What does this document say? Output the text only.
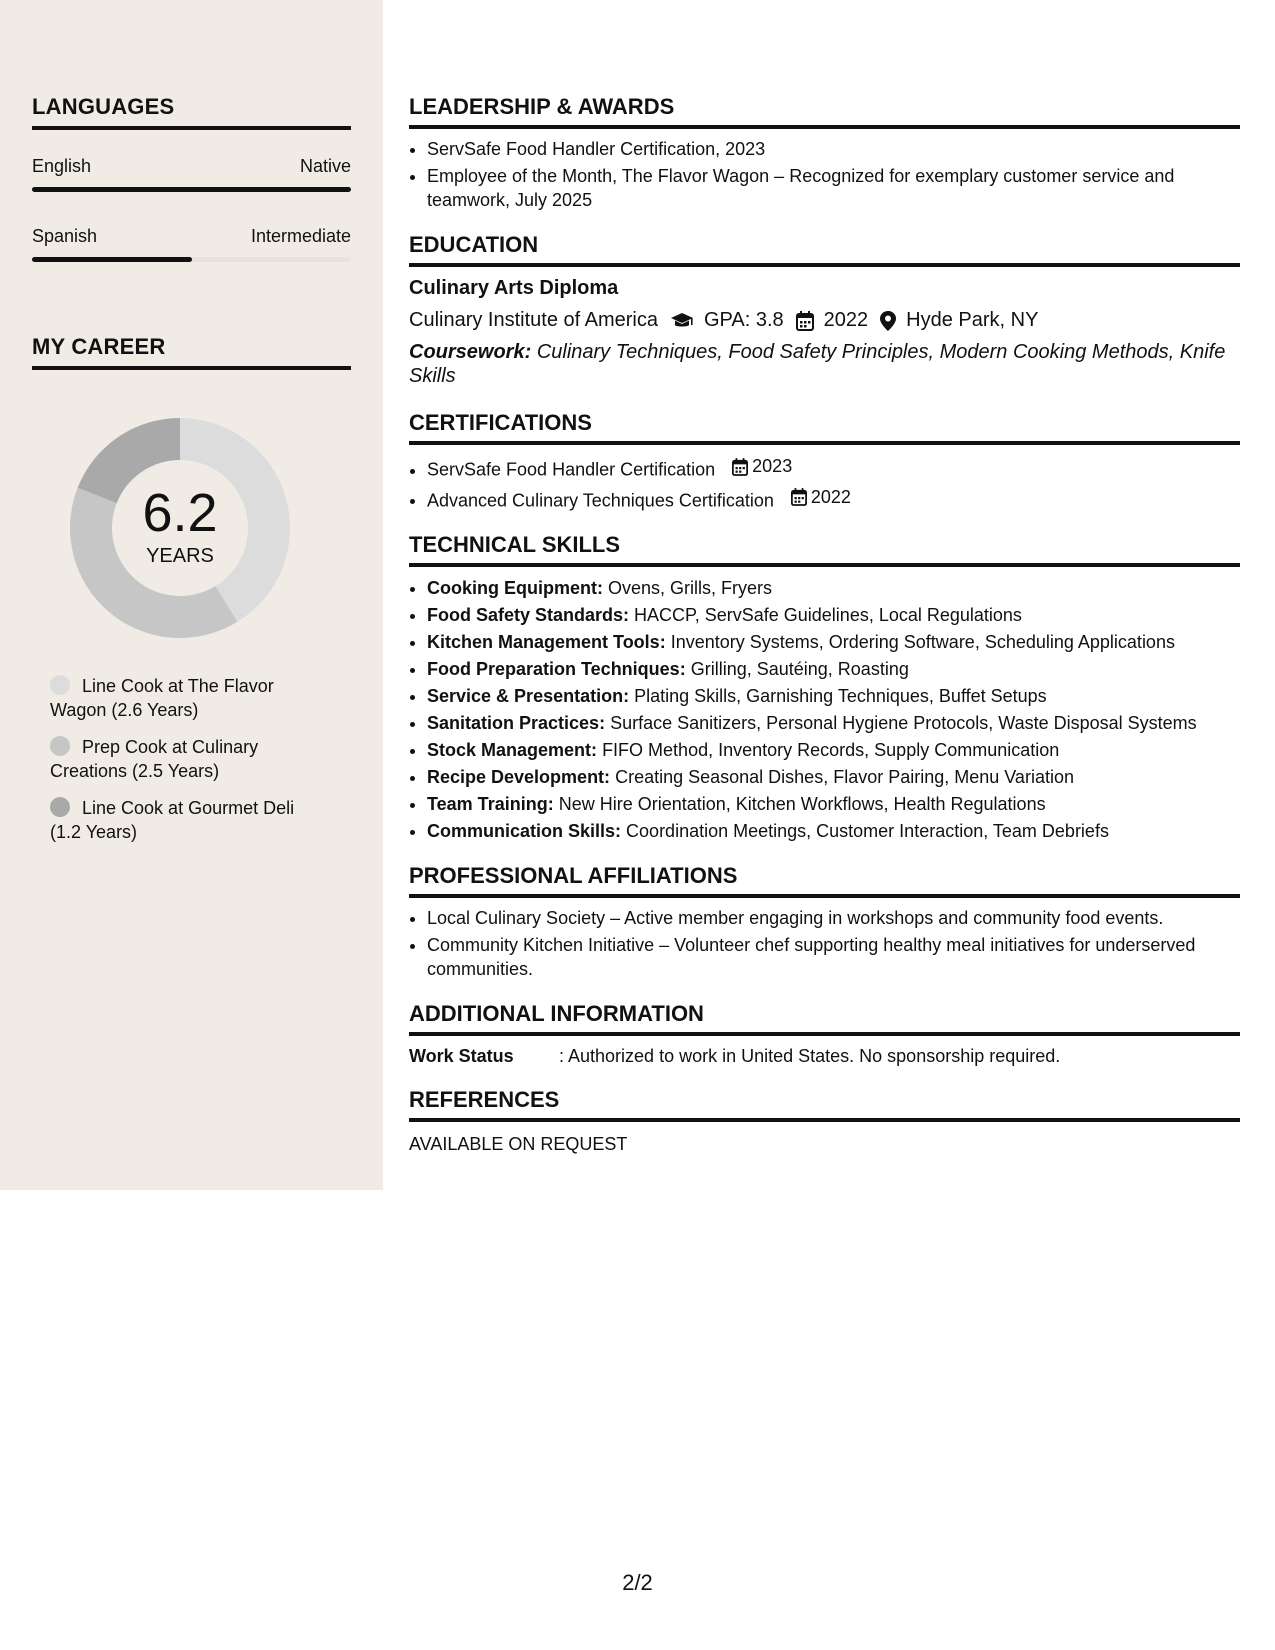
LANGUAGES
English	Native
Spanish	Intermediate
MY CAREER
6.2
YEARS
Line Cook at The Flavor Wagon (2.6 Years)
Prep Cook at Culinary Creations (2.5 Years)
Line Cook at Gourmet Deli (1.2 Years)
LEADERSHIP & AWARDS
• ServSafe Food Handler Certification, 2023
• Employee of the Month, The Flavor Wagon – Recognized for exemplary customer service and teamwork, July 2025
EDUCATION
Culinary Arts Diploma
Culinary Institute of America GPA: 3.8 2022 Hyde Park, NY
Coursework: Culinary Techniques, Food Safety Principles, Modern Cooking Methods, Knife Skills
CERTIFICATIONS
• ServSafe Food Handler Certification 2023
• Advanced Culinary Techniques Certification 2022
TECHNICAL SKILLS
• Cooking Equipment: Ovens, Grills, Fryers
• Food Safety Standards: HACCP, ServSafe Guidelines, Local Regulations
• Kitchen Management Tools: Inventory Systems, Ordering Software, Scheduling Applications
• Food Preparation Techniques: Grilling, Sautéing, Roasting
• Service & Presentation: Plating Skills, Garnishing Techniques, Buffet Setups
• Sanitation Practices: Surface Sanitizers, Personal Hygiene Protocols, Waste Disposal Systems
• Stock Management: FIFO Method, Inventory Records, Supply Communication
• Recipe Development: Creating Seasonal Dishes, Flavor Pairing, Menu Variation
• Team Training: New Hire Orientation, Kitchen Workflows, Health Regulations
• Communication Skills: Coordination Meetings, Customer Interaction, Team Debriefs
PROFESSIONAL AFFILIATIONS
• Local Culinary Society – Active member engaging in workshops and community food events.
• Community Kitchen Initiative – Volunteer chef supporting healthy meal initiatives for underserved communities.
ADDITIONAL INFORMATION
Work Status	: Authorized to work in United States. No sponsorship required.
REFERENCES
AVAILABLE ON REQUEST
2/2
